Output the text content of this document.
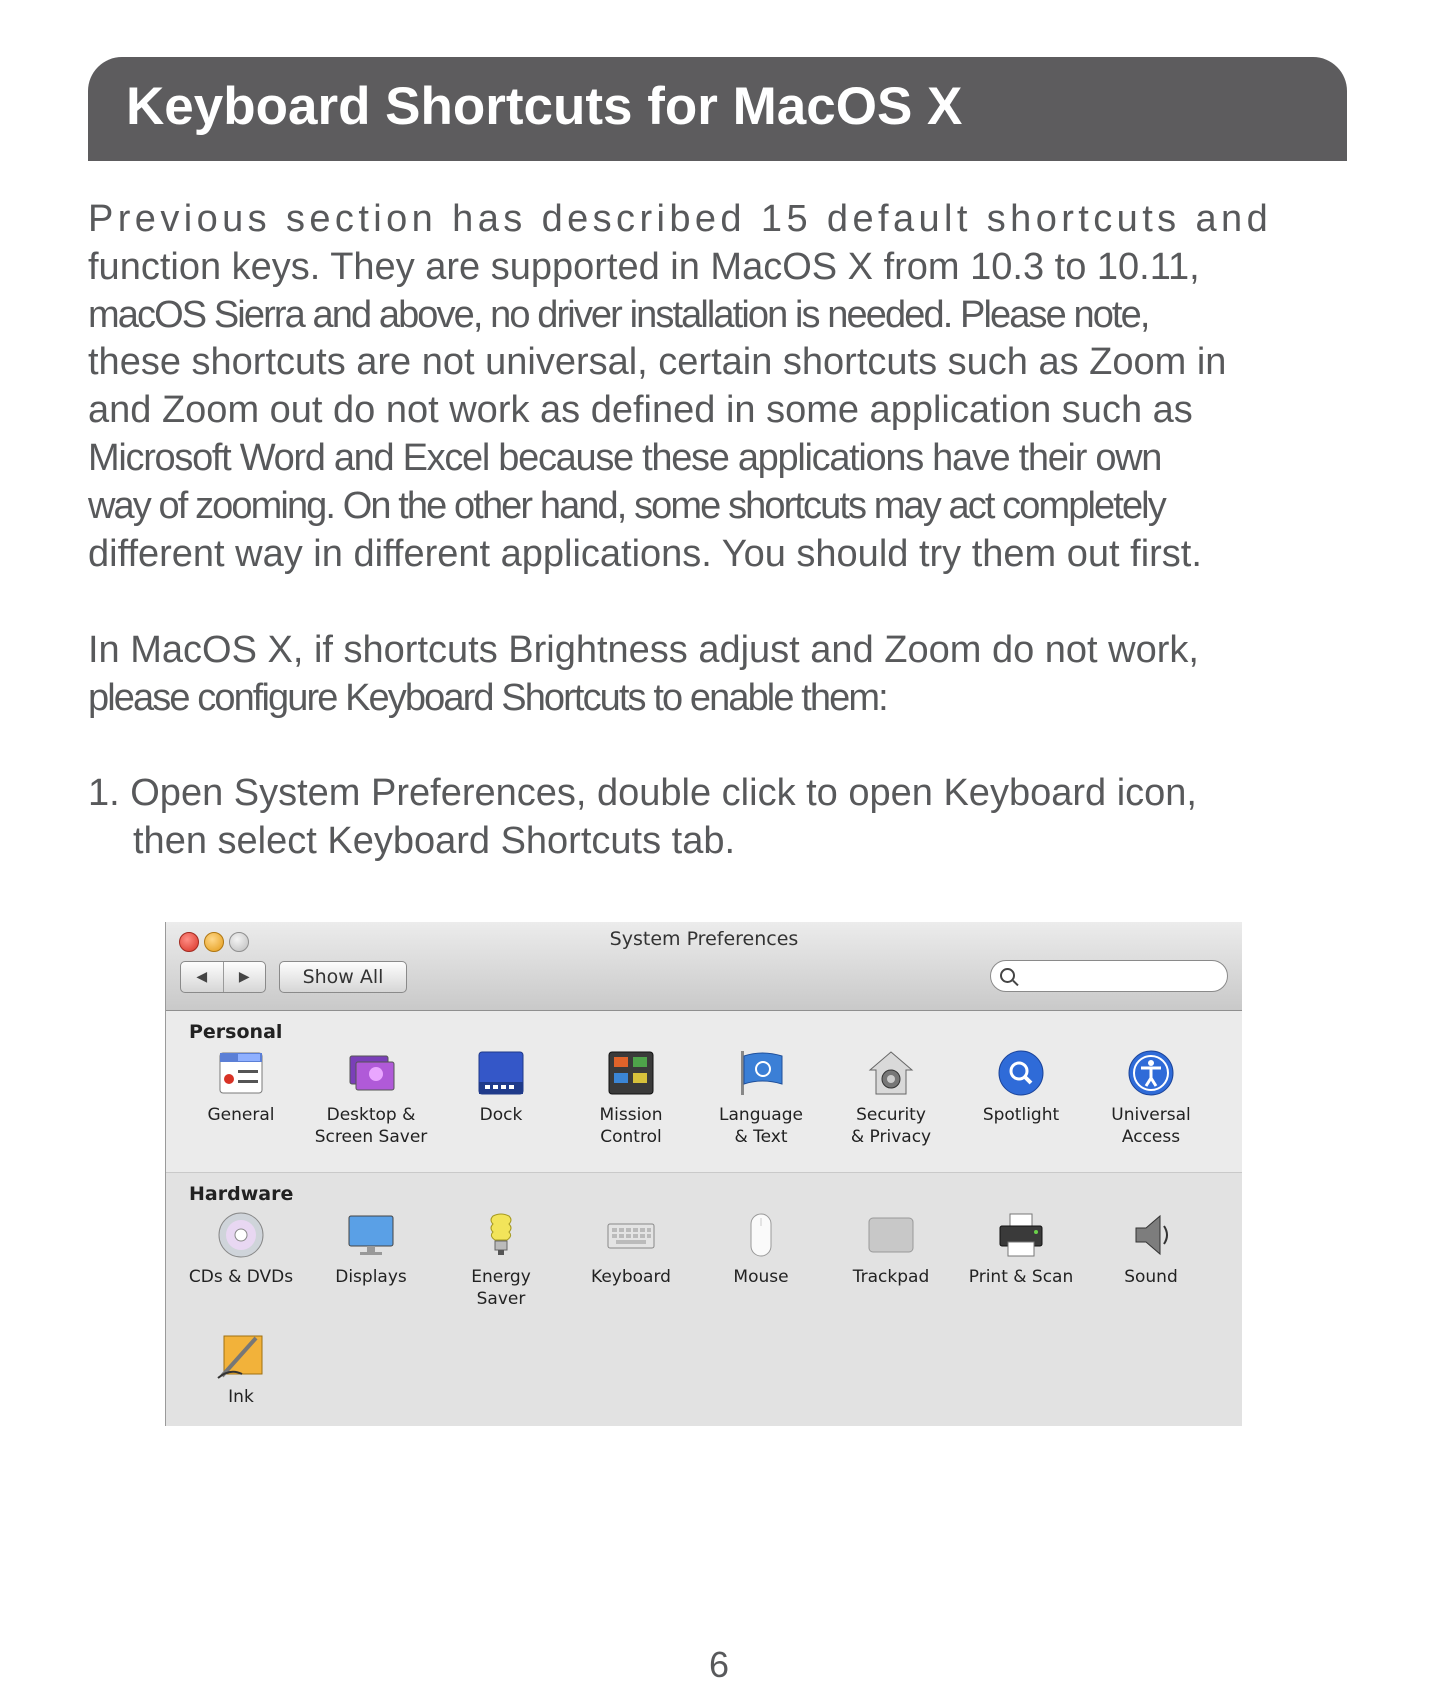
Keyboard Shortcuts for MacOS X
Previous section has described 15 default shortcuts and
function keys. They are supported in MacOS X from 10.3 to 10.11,
macOS Sierra and above, no driver installation is needed. Please note,
these shortcuts are not universal, certain shortcuts such as Zoom in
and Zoom out do not work as defined in some application such as
Microsoft Word and Excel because these applications have their own
way of zooming. On the other hand, some shortcuts may act completely
different way in different applications. You should try them out first.
In MacOS X, if shortcuts Brightness adjust and Zoom do not work,
please configure Keyboard Shortcuts to enable them:
1. Open System Preferences, double click to open Keyboard icon,
then select Keyboard Shortcuts tab.
System Preferences
◀ ▶	Show All
Personal
General	Desktop &
Screen Saver
Dock	Mission
Control
Language
& Text
Security
& Privacy
Spotlight	Universal
Access
Hardware
CDs & DVDs	Displays	Energy
Saver
Keyboard	Mouse	Trackpad	Print & Scan	Sound
Ink
6
